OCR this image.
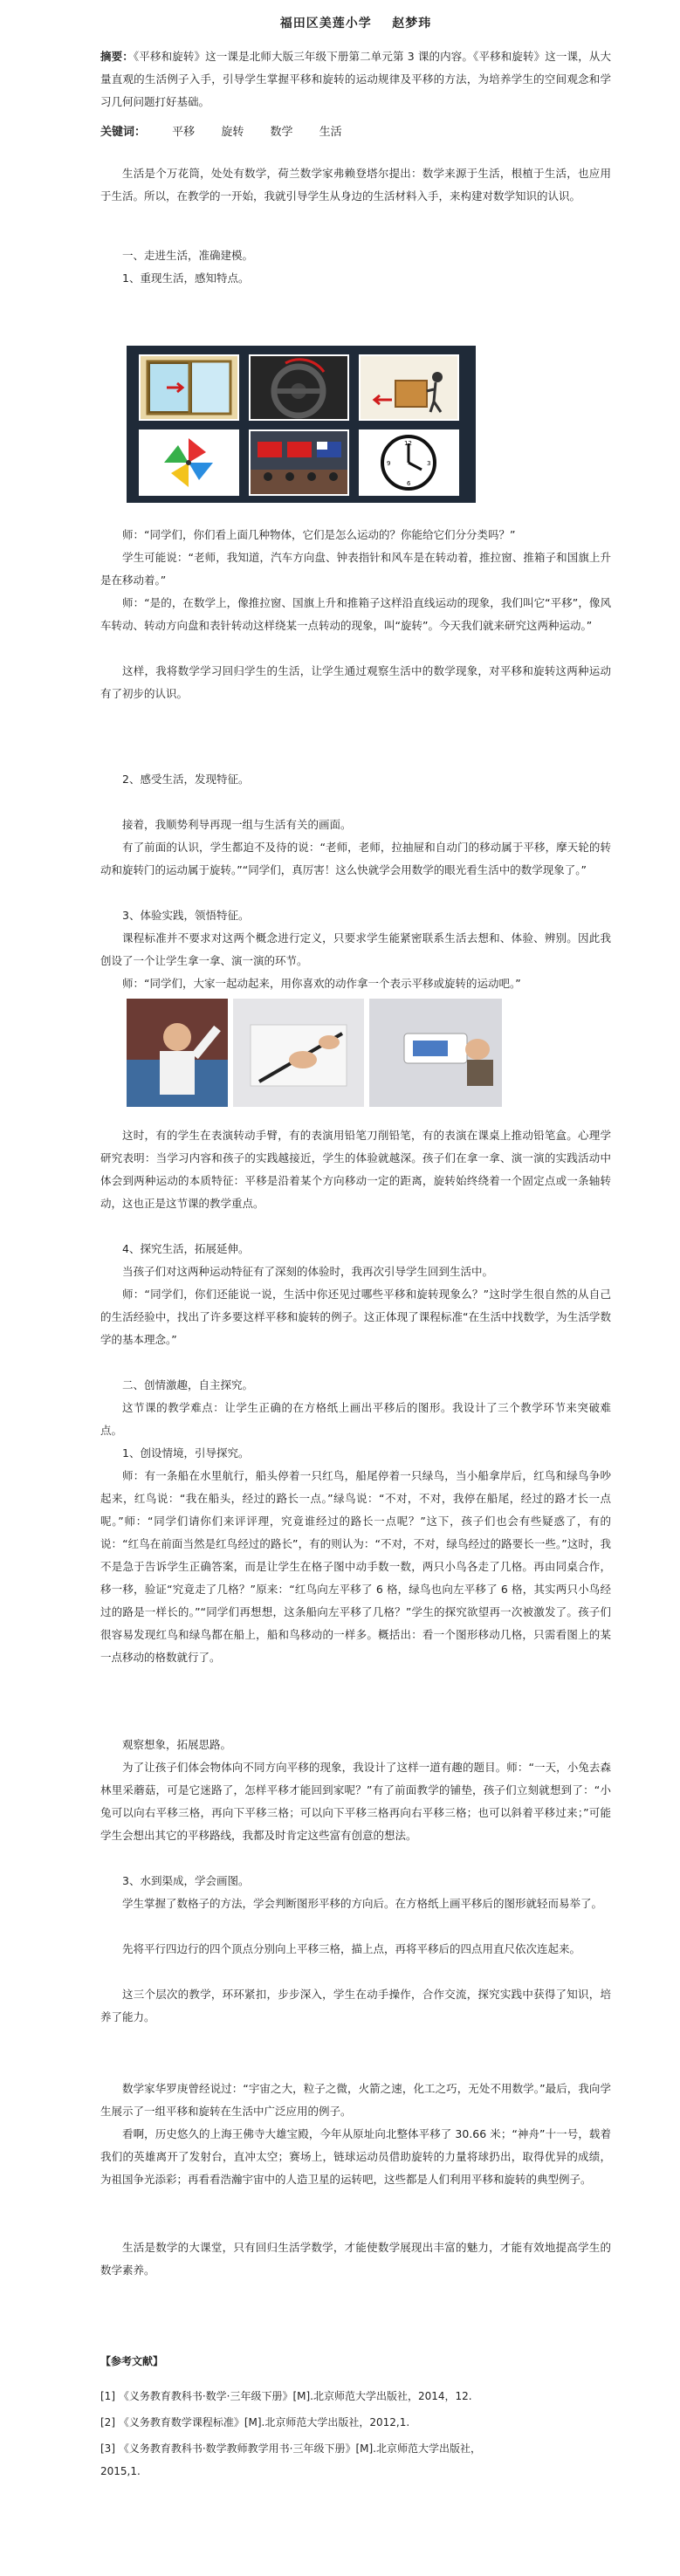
福田区美莲小学 赵梦玮

摘要：《平移和旋转》这一课是北师大版三年级下册第二单元第 3 课的内容。《平移和旋转》这一课，从大量直观的生活例子入手，引导学生掌握平移和旋转的运动规律及平移的方法，为培养学生的空间观念和学习几何问题打好基础。

关键词： 平移 旋转 数学 生活

生活是个万花筒，处处有数学，荷兰数学家弗赖登塔尔提出：数学来源于生活，根植于生活，也应用于生活。所以，在教学的一开始，我就引导学生从身边的生活材料入手，来构建对数学知识的认识。

一、走进生活，准确建模。

1、重现生活，感知特点。

12
3
6
9

师：“同学们，你们看上面几种物体，它们是怎么运动的？你能给它们分分类吗？”

学生可能说：“老师，我知道，汽车方向盘、钟表指针和风车是在转动着，推拉窗、推箱子和国旗上升是在移动着。”

师：“是的，在数学上，像推拉窗、国旗上升和推箱子这样沿直线运动的现象，我们叫它“平移”，像风车转动、转动方向盘和表针转动这样绕某一点转动的现象，叫“旋转”。今天我们就来研究这两种运动。”

这样，我将数学学习回归学生的生活，让学生通过观察生活中的数学现象，对平移和旋转这两种运动有了初步的认识。

2、感受生活，发现特征。

接着，我顺势利导再现一组与生活有关的画面。

有了前面的认识，学生都迫不及待的说：“老师，老师，拉抽屉和自动门的移动属于平移，摩天轮的转动和旋转门的运动属于旋转。”“同学们，真厉害！这么快就学会用数学的眼光看生活中的数学现象了。”

3、体验实践，领悟特征。

课程标准并不要求对这两个概念进行定义，只要求学生能紧密联系生活去想和、体验、辨别。因此我创设了一个让学生拿一拿、演一演的环节。

师：“同学们，大家一起动起来，用你喜欢的动作拿一个表示平移或旋转的运动吧。”

这时，有的学生在表演转动手臂，有的表演用铅笔刀削铅笔，有的表演在课桌上推动铅笔盒。心理学研究表明：当学习内容和孩子的实践越接近，学生的体验就越深。孩子们在拿一拿、演一演的实践活动中体会到两种运动的本质特征：平移是沿着某个方向移动一定的距离，旋转始终绕着一个固定点或一条轴转动，这也正是这节课的教学重点。

4、探究生活，拓展延伸。

当孩子们对这两种运动特征有了深刻的体验时，我再次引导学生回到生活中。

师：“同学们，你们还能说一说，生活中你还见过哪些平移和旋转现象么？”这时学生很自然的从自己的生活经验中，找出了许多要这样平移和旋转的例子。这正体现了课程标准“在生活中找数学，为生活学数学的基本理念。”

二、创情激趣，自主探究。

这节课的教学难点：让学生正确的在方格纸上画出平移后的图形。我设计了三个教学环节来突破难点。

1、创设情境，引导探究。

师：有一条船在水里航行，船头停着一只红鸟，船尾停着一只绿鸟，当小船拿岸后，红鸟和绿鸟争吵起来，红鸟说：“我在船头，经过的路长一点。”绿鸟说：“不对，不对，我停在船尾，经过的路才长一点呢。”师：“同学们请你们来评评理，究竟谁经过的路长一点呢？”这下，孩子们也会有些疑惑了，有的说：“红鸟在前面当然是红鸟经过的路长”，有的则认为：“不对，不对，绿鸟经过的路要长一些。”这时，我不是急于告诉学生正确答案，而是让学生在格子图中动手数一数，两只小鸟各走了几格。再由同桌合作，移一移，验证“究竟走了几格？”原来：“红鸟向左平移了 6 格，绿鸟也向左平移了 6 格，其实两只小鸟经过的路是一样长的。”“同学们再想想，这条船向左平移了几格？”学生的探究欲望再一次被激发了。孩子们很容易发现红鸟和绿鸟都在船上，船和鸟移动的一样多。概括出：看一个图形移动几格，只需看图上的某一点移动的格数就行了。

观察想象，拓展思路。

为了让孩子们体会物体向不同方向平移的现象，我设计了这样一道有趣的题目。师：“一天，小兔去森林里采蘑菇，可是它迷路了，怎样平移才能回到家呢？”有了前面教学的铺垫，孩子们立刻就想到了：“小兔可以向右平移三格，再向下平移三格；可以向下平移三格再向右平移三格；也可以斜着平移过来；”可能学生会想出其它的平移路线，我都及时肯定这些富有创意的想法。

3、水到渠成，学会画图。

学生掌握了数格子的方法，学会判断图形平移的方向后。在方格纸上画平移后的图形就轻而易举了。

先将平行四边行的四个顶点分别向上平移三格，描上点，再将平移后的四点用直尺依次连起来。

这三个层次的教学，环环紧扣，步步深入，学生在动手操作，合作交流，探究实践中获得了知识，培养了能力。

数学家华罗庚曾经说过：“宇宙之大，粒子之微，火箭之速，化工之巧，无处不用数学。”最后，我向学生展示了一组平移和旋转在生活中广泛应用的例子。

看啊，历史悠久的上海王佛寺大雄宝殿，今年从原址向北整体平移了 30.66 米；“神舟”十一号，载着我们的英雄离开了发射台，直冲太空；赛场上，链球运动员借助旋转的力量将球扔出，取得优异的成绩，为祖国争光添彩；再看看浩瀚宇宙中的人造卫星的运转吧，这些都是人们利用平移和旋转的典型例子。

生活是数学的大课堂，只有回归生活学数学，才能使数学展现出丰富的魅力，才能有效地提高学生的数学素养。

【参考文献】

[1] 《义务教育教科书·数学·三年级下册》[M].北京师范大学出版社，2014，12.

[2] 《义务教育数学课程标准》[M].北京师范大学出版社，2012,1.

[3] 《义务教育教科书·数学教师教学用书·三年级下册》[M].北京师范大学出版社，

2015,1.
